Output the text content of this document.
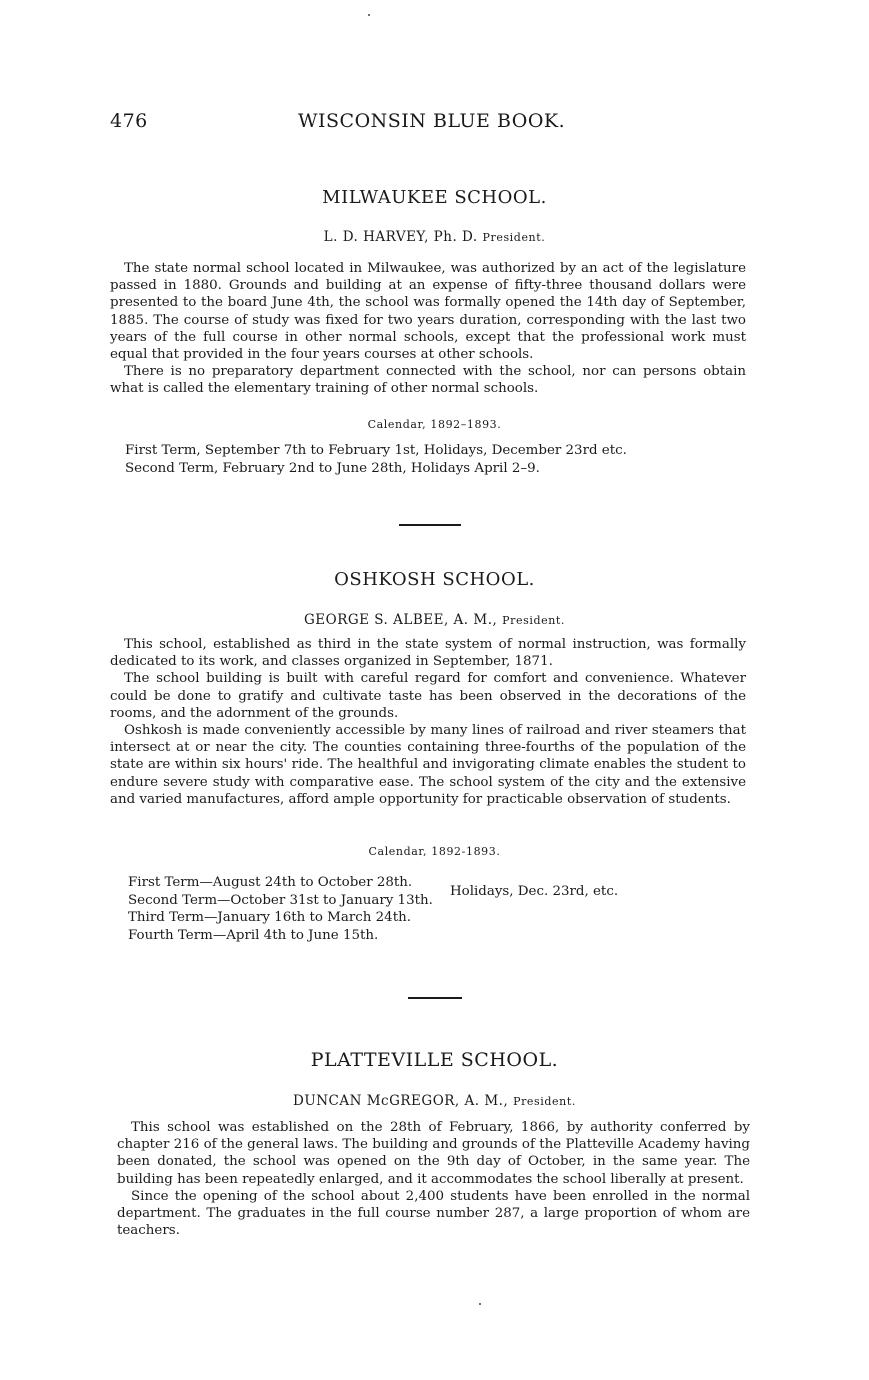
476	WISCONSIN BLUE BOOK.
MILWAUKEE SCHOOL.
L. D. HARVEY, Ph. D. President.

The state normal school located in Milwaukee, was authorized by an act of the legislature passed in 1880. Grounds and building at an expense of fifty-three thousand dollars were presented to the board June 4th, the school was formally opened the 14th day of September, 1885. The course of study was fixed for two years duration, corresponding with the last two years of the full course in other normal schools, except that the professional work must equal that provided in the four years courses at other schools.

There is no preparatory department connected with the school, nor can persons obtain what is called the elementary training of other normal schools.

Calendar, 1892–1893.
First Term, September 7th to February 1st, Holidays, December 23rd etc.
Second Term, February 2nd to June 28th, Holidays April 2–9.
OSHKOSH SCHOOL.
GEORGE S. ALBEE, A. M., President.

This school, established as third in the state system of normal instruction, was formally dedicated to its work, and classes organized in September, 1871.

The school building is built with careful regard for comfort and convenience. Whatever could be done to gratify and cultivate taste has been observed in the decorations of the rooms, and the adornment of the grounds.

Oshkosh is made conveniently accessible by many lines of railroad and river steamers that intersect at or near the city. The counties containing three-fourths of the population of the state are within six hours' ride. The healthful and invigorating climate enables the student to endure severe study with comparative ease. The school system of the city and the extensive and varied manufactures, afford ample opportunity for practicable observation of students.

Calendar, 1892-1893.
First Term—August 24th to October 28th.
Second Term—October 31st to January 13th.
Third Term—January 16th to March 24th.
Fourth Term—April 4th to June 15th.
Holidays, Dec. 23rd, etc.
PLATTEVILLE SCHOOL.
DUNCAN McGREGOR, A. M., President.

This school was established on the 28th of February, 1866, by authority conferred by chapter 216 of the general laws. The building and grounds of the Platteville Academy having been donated, the school was opened on the 9th day of October, in the same year. The building has been repeatedly enlarged, and it accommodates the school liberally at present.

Since the opening of the school about 2,400 students have been enrolled in the normal department. The graduates in the full course number 287, a large proportion of whom are teachers.
